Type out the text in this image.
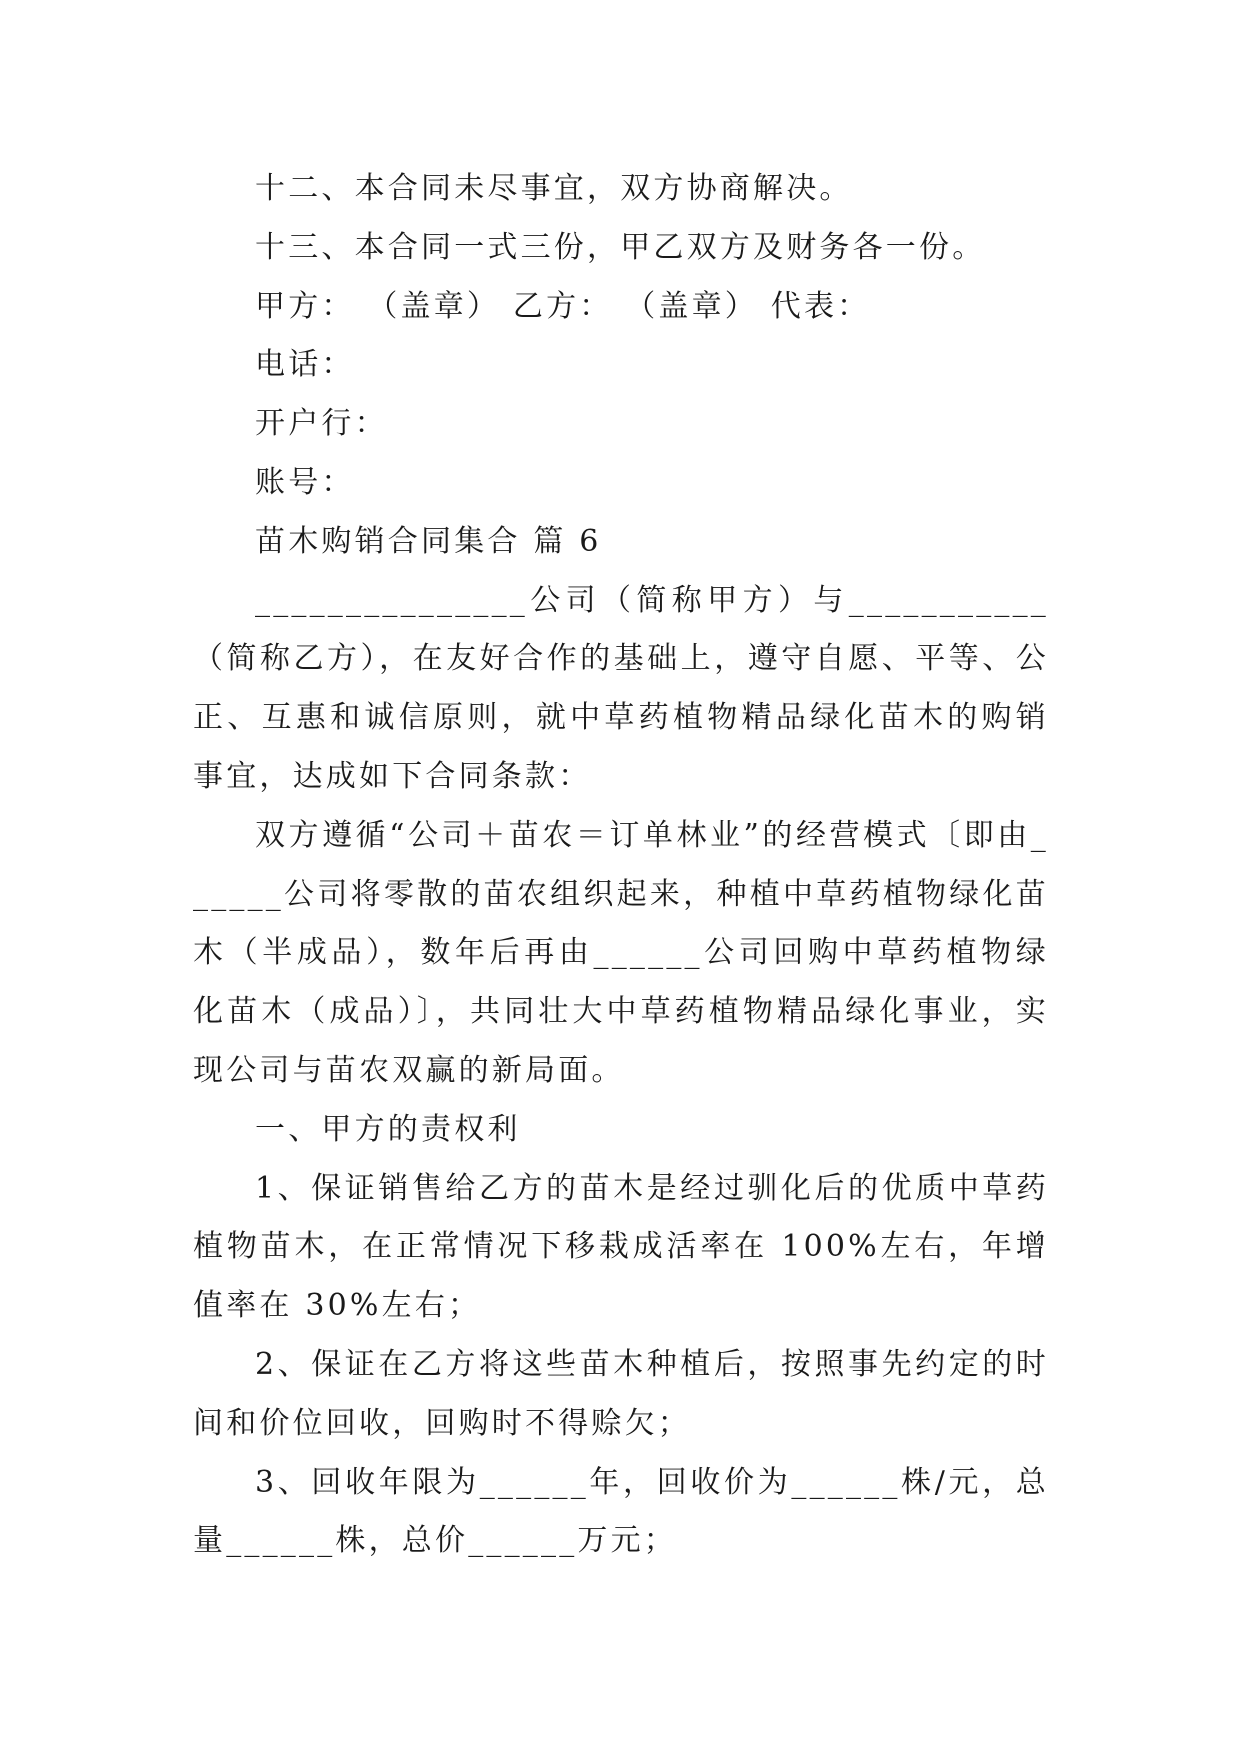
十二、本合同未尽事宜，双方协商解决。

十三、本合同一式三份，甲乙双方及财务各一份。

甲方： （盖章） 乙方： （盖章） 代表：

电话：

开户行：

账号：

苗木购销合同集合 篇 6

_______________公司（简称甲方）与___________（简称乙方），在友好合作的基础上，遵守自愿、平等、公正、互惠和诚信原则，就中草药植物精品绿化苗木的购销事宜，达成如下合同条款：

双方遵循“公司＋苗农＝订单林业”的经营模式〔即由______公司将零散的苗农组织起来，种植中草药植物绿化苗木（半成品），数年后再由______公司回购中草药植物绿化苗木（成品）〕，共同壮大中草药植物精品绿化事业，实现公司与苗农双赢的新局面。

一、甲方的责权利

1、保证销售给乙方的苗木是经过驯化后的优质中草药植物苗木，在正常情况下移栽成活率在 100%左右，年增值率在 30%左右；

2、保证在乙方将这些苗木种植后，按照事先约定的时间和价位回收，回购时不得赊欠；

3、回收年限为______年，回收价为______株/元，总量______株，总价______万元；
